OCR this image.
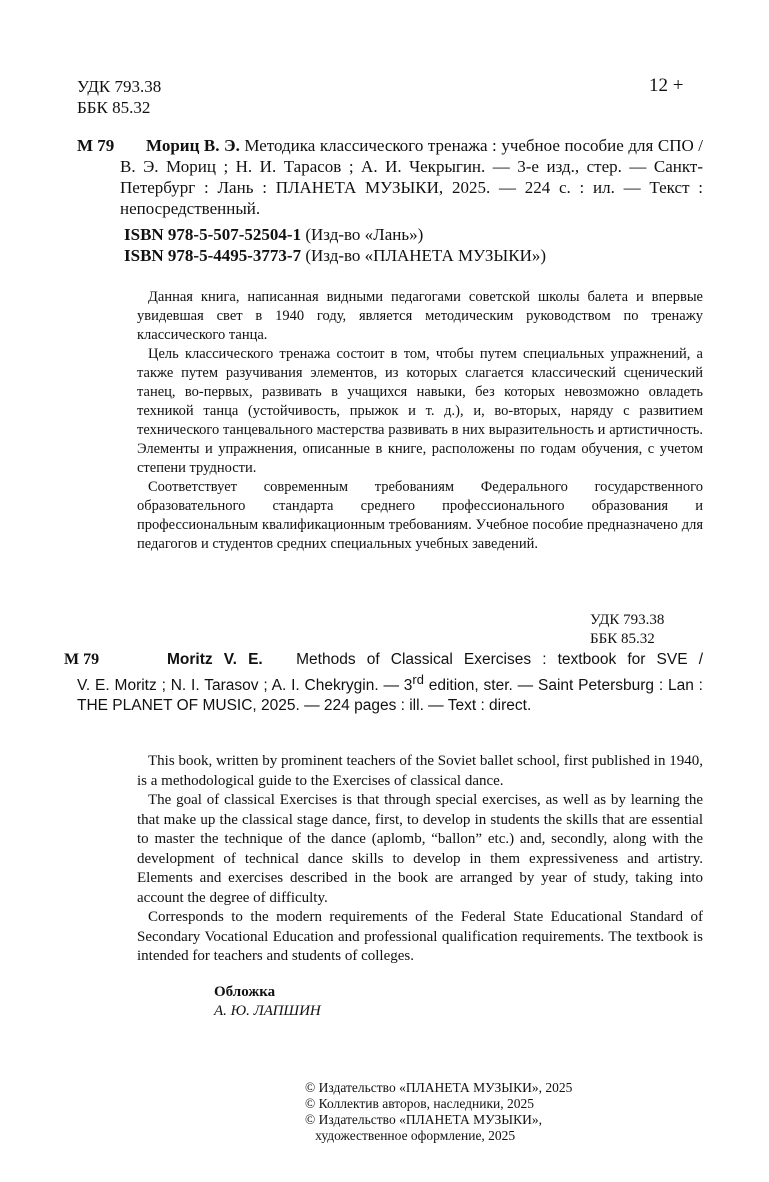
УДК 793.38
ББК 85.32
12 +
М 79	Мориц В. Э. Методика классического тренажа : учебное пособие для СПО / В. Э. Мориц ; Н. И. Тарасов ; А. И. Чекрыгин. — 3-е изд., стер. — Санкт-Петербург : Лань : ПЛАНЕТА МУЗЫКИ, 2025. — 224 с. : ил. — Текст : непосредственный.
ISBN 978-5-507-52504-1 (Изд-во «Лань»)
ISBN 978-5-4495-3773-7 (Изд-во «ПЛАНЕТА МУЗЫКИ»)

Данная книга, написанная видными педагогами советской школы балета и впервые увидевшая свет в 1940 году, является методическим руководством по тренажу классического танца.

Цель классического тренажа состоит в том, чтобы путем специальных упражнений, а также путем разучивания элементов, из которых слагается классический сценический танец, во-первых, развивать в учащихся навыки, без которых невозможно овладеть техникой танца (устойчивость, прыжок и т. д.), и, во-вторых, наряду с развитием технического танцевального мастерства развивать в них выразительность и артистичность. Элементы и упражнения, описанные в книге, расположены по годам обучения, с учетом степени трудности.

Соответствует современным требованиям Федерального государственного образовательного стандарта среднего профессионального образования и профессиональным квалификационным требованиям. Учебное пособие предназначено для педагогов и студентов средних специальных учебных заведений.

УДК 793.38
ББК 85.32
M 79	Moritz V. E. Methods of Classical Exercises : textbook for SVE /
V. E. Moritz ; N. I. Tarasov ; A. I. Chekrygin. — 3rd edition, ster. — Saint Petersburg : Lan : THE PLANET OF MUSIC, 2025. — 224 pages : ill. — Text : direct.

This book, written by prominent teachers of the Soviet ballet school, first published in 1940, is a methodological guide to the Exercises of classical dance.

The goal of classical Exercises is that through special exercises, as well as by learning the that make up the classical stage dance, first, to develop in students the skills that are essential to master the technique of the dance (aplomb, “ballon” etc.) and, secondly, along with the development of technical dance skills to develop in them expressiveness and artistry. Elements and exercises described in the book are arranged by year of study, taking into account the degree of difficulty.

Corresponds to the modern requirements of the Federal State Educational Standard of Secondary Vocational Education and professional qualification requirements. The textbook is intended for teachers and students of colleges.

Обложка
А. Ю. ЛАПШИН
© Издательство «ПЛАНЕТА МУЗЫКИ», 2025
© Коллектив авторов, наследники, 2025
© Издательство «ПЛАНЕТА МУЗЫКИ»,
художественное оформление, 2025
